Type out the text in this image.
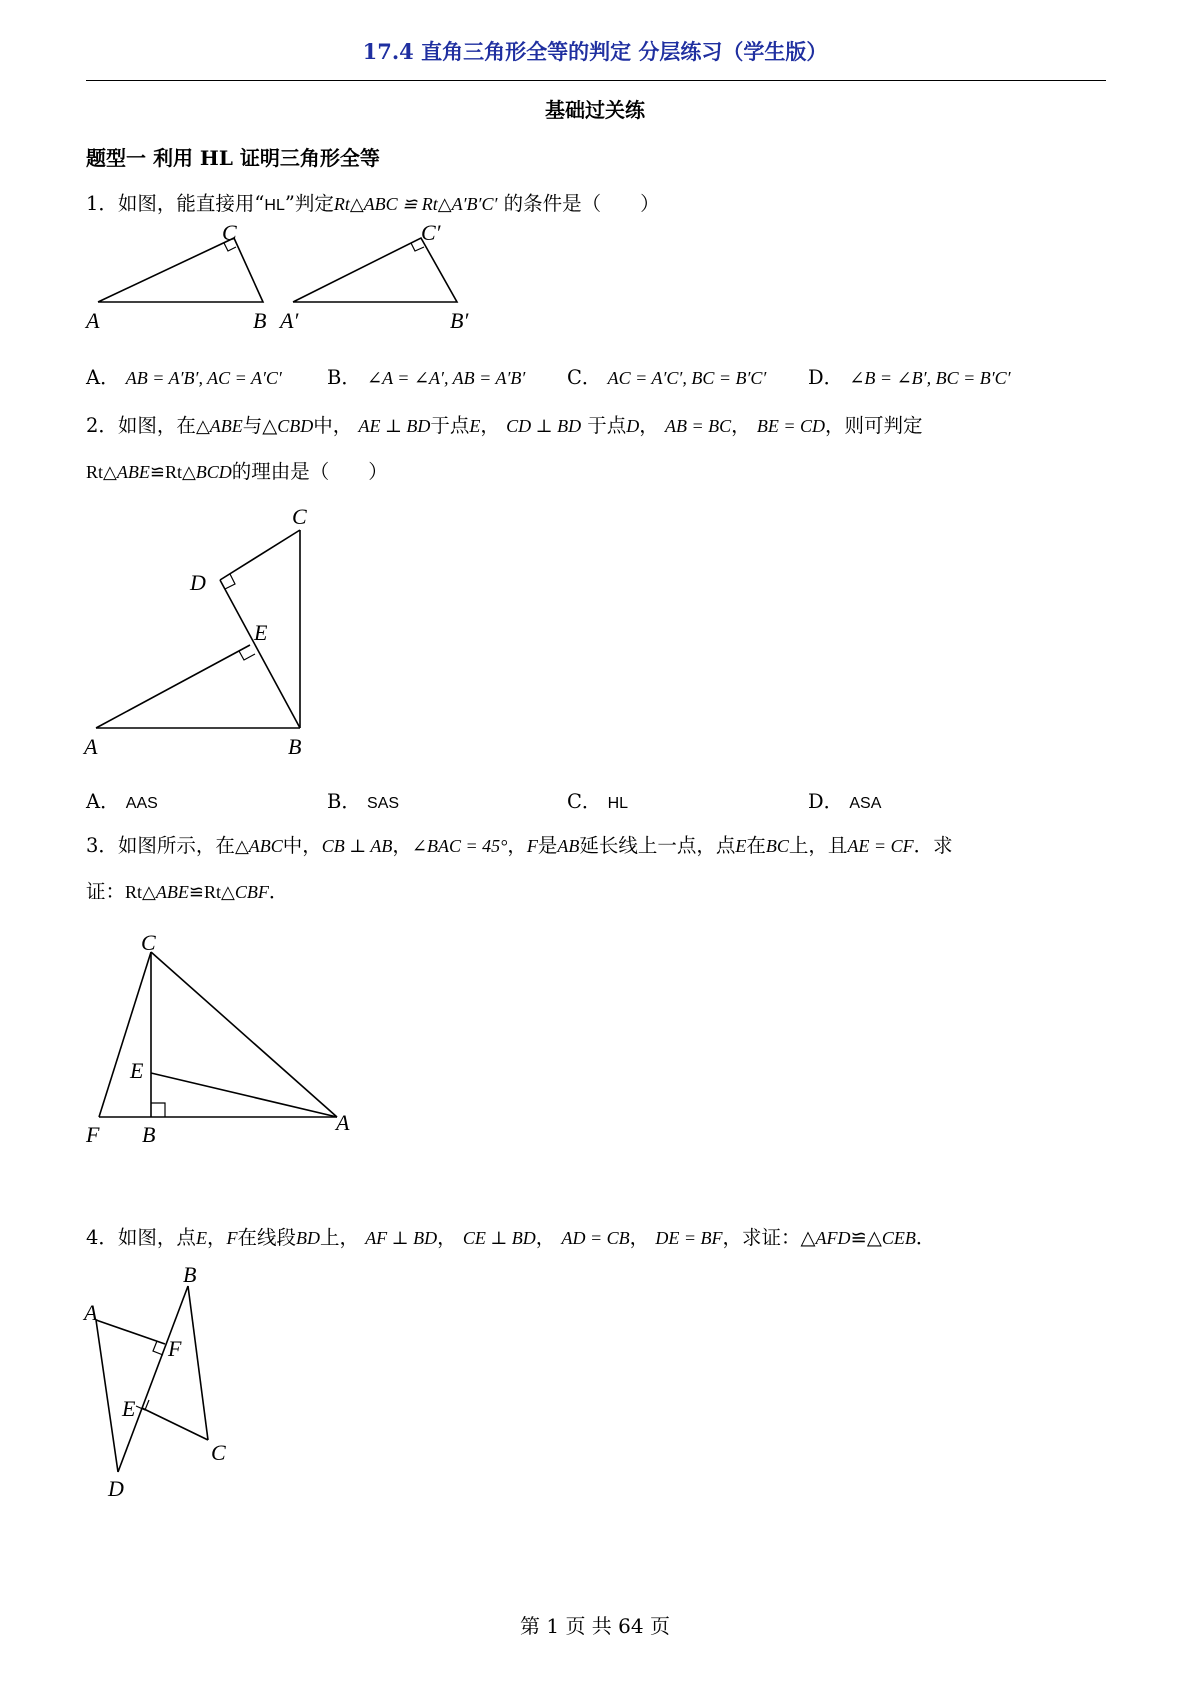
17.4 直角三角形全等的判定 分层练习（学生版）
基础过关练
题型一 利用 HL 证明三角形全等
1．如图，能直接用“HL”判定Rt△ABC ≌ Rt△A′B′C′ 的条件是（　　）
A	B
C
A′	B′
C′
A． AB = A′B′, AC = A′C′ B． ∠A = ∠A′, AB = A′B′ C． AC = A′C′, BC = B′C′ D． ∠B = ∠B′, BC = B′C′
2．如图，在△ABE与△CBD中， AE ⊥ BD于点E， CD ⊥ BD 于点D， AB = BC， BE = CD，则可判定
Rt△ABE≌Rt△BCD的理由是（　　）
A	B
C
D
E
A． AAS	B． SAS	C． HL	D． ASA
3．如图所示，在△ABC中，CB ⊥ AB，∠BAC = 45°，F是AB延长线上一点，点E在BC上，且AE = CF．求
证：Rt△ABE≌Rt△CBF．
C
E
F B	A
4．如图，点E，F在线段BD上， AF ⊥ BD， CE ⊥ BD， AD = CB， DE = BF，求证：△AFD≌△CEB．
B
A
F
E
C
D
第 1 页 共 64 页
